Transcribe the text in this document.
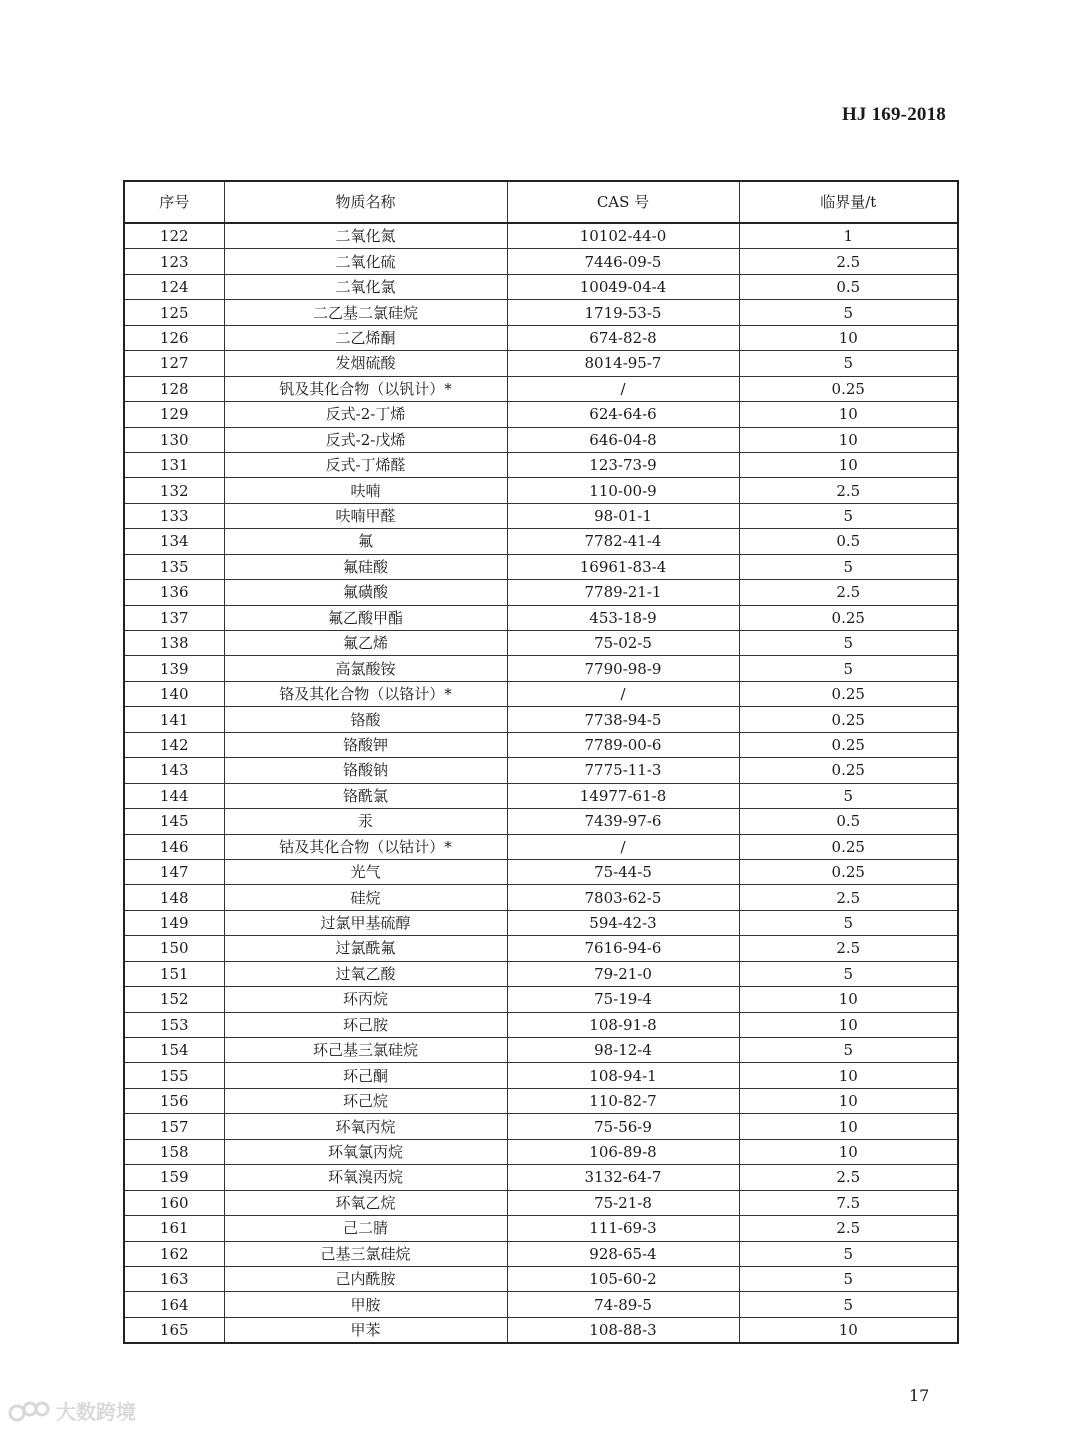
HJ 169-2018
序号	物质名称	CAS 号	临界量/t
122	二氧化氮	10102-44-0	1
123	二氧化硫	7446-09-5	2.5
124	二氧化氯	10049-04-4	0.5
125	二乙基二氯硅烷	1719-53-5	5
126	二乙烯酮	674-82-8	10
127	发烟硫酸	8014-95-7	5
128	钒及其化合物（以钒计）*	/	0.25
129	反式-2-丁烯	624-64-6	10
130	反式-2-戊烯	646-04-8	10
131	反式-丁烯醛	123-73-9	10
132	呋喃	110-00-9	2.5
133	呋喃甲醛	98-01-1	5
134	氟	7782-41-4	0.5
135	氟硅酸	16961-83-4	5
136	氟磺酸	7789-21-1	2.5
137	氟乙酸甲酯	453-18-9	0.25
138	氟乙烯	75-02-5	5
139	高氯酸铵	7790-98-9	5
140	铬及其化合物（以铬计）*	/	0.25
141	铬酸	7738-94-5	0.25
142	铬酸钾	7789-00-6	0.25
143	铬酸钠	7775-11-3	0.25
144	铬酰氯	14977-61-8	5
145	汞	7439-97-6	0.5
146	钴及其化合物（以钴计）*	/	0.25
147	光气	75-44-5	0.25
148	硅烷	7803-62-5	2.5
149	过氯甲基硫醇	594-42-3	5
150	过氯酰氟	7616-94-6	2.5
151	过氧乙酸	79-21-0	5
152	环丙烷	75-19-4	10
153	环己胺	108-91-8	10
154	环己基三氯硅烷	98-12-4	5
155	环己酮	108-94-1	10
156	环己烷	110-82-7	10
157	环氧丙烷	75-56-9	10
158	环氧氯丙烷	106-89-8	10
159	环氧溴丙烷	3132-64-7	2.5
160	环氧乙烷	75-21-8	7.5
161	己二腈	111-69-3	2.5
162	己基三氯硅烷	928-65-4	5
163	己内酰胺	105-60-2	5
164	甲胺	74-89-5	5
165	甲苯	108-88-3	10
17
大数跨境
